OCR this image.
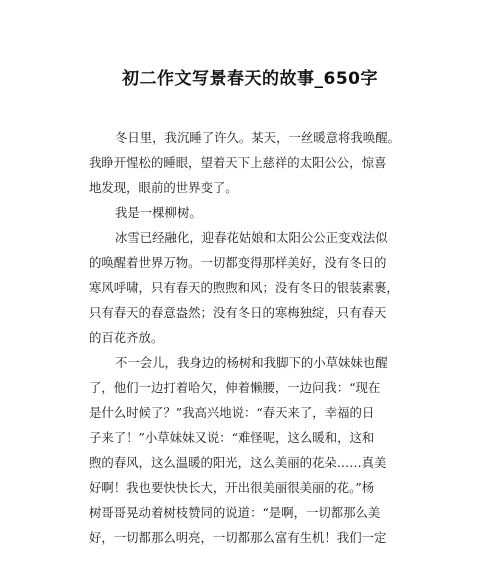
初二作文写景春天的故事_650字
冬日里，我沉睡了许久。某天，一丝暖意将我唤醒。
我睁开惺松的睡眼，望着天下上慈祥的太阳公公，惊喜
地发现，眼前的世界变了。
我是一棵柳树。
冰雪已经融化，迎春花姑娘和太阳公公正变戏法似
的唤醒着世界万物。一切都变得那样美好，没有冬日的
寒风呼啸，只有春天的煦煦和风；没有冬日的银装素裹，
只有春天的春意盎然；没有冬日的寒梅独绽，只有春天
的百花齐放。
不一会儿，我身边的杨树和我脚下的小草妹妹也醒
了，他们一边打着哈欠，伸着懒腰，一边问我：“现在
是什么时候了？”我高兴地说：“春天来了，幸福的日
子来了！”小草妹妹又说：“难怪呢，这么暖和，这和
煦的春风，这么温暖的阳光，这么美丽的花朵……真美
好啊！我也要快快长大，开出很美丽很美丽的花。”杨
树哥哥晃动着树枝赞同的说道：“是啊，一切都那么美
好，一切都那么明亮，一切都那么富有生机！我们一定
